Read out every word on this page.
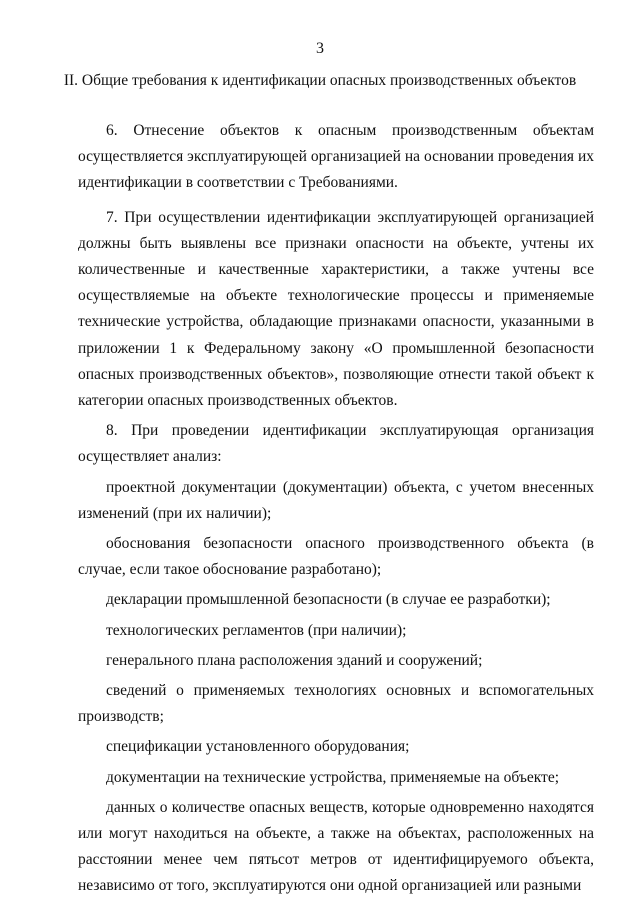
3
II. Общие требования к идентификации опасных производственных объектов

6. Отнесение объектов к опасным производственным объектам осуществляется эксплуатирующей организацией на основании проведения их идентификации в соответствии с Требованиями.

7. При осуществлении идентификации эксплуатирующей организацией должны быть выявлены все признаки опасности на объекте, учтены их количественные и качественные характеристики, а также учтены все осуществляемые на объекте технологические процессы и применяемые технические устройства, обладающие признаками опасности, указанными в приложении 1 к Федеральному закону «О промышленной безопасности опасных производственных объектов», позволяющие отнести такой объект к категории опасных производственных объектов.

8. При проведении идентификации эксплуатирующая организация осуществляет анализ:

проектной документации (документации) объекта, с учетом внесенных изменений (при их наличии);

обоснования безопасности опасного производственного объекта (в случае, если такое обоснование разработано);

декларации промышленной безопасности (в случае ее разработки);

технологических регламентов (при наличии);

генерального плана расположения зданий и сооружений;

сведений о применяемых технологиях основных и вспомогательных производств;

спецификации установленного оборудования;

документации на технические устройства, применяемые на объекте;

данных о количестве опасных веществ, которые одновременно находятся или могут находиться на объекте, а также на объектах, расположенных на расстоянии менее чем пятьсот метров от идентифицируемого объекта, независимо от того, эксплуатируются они одной организацией или разными
